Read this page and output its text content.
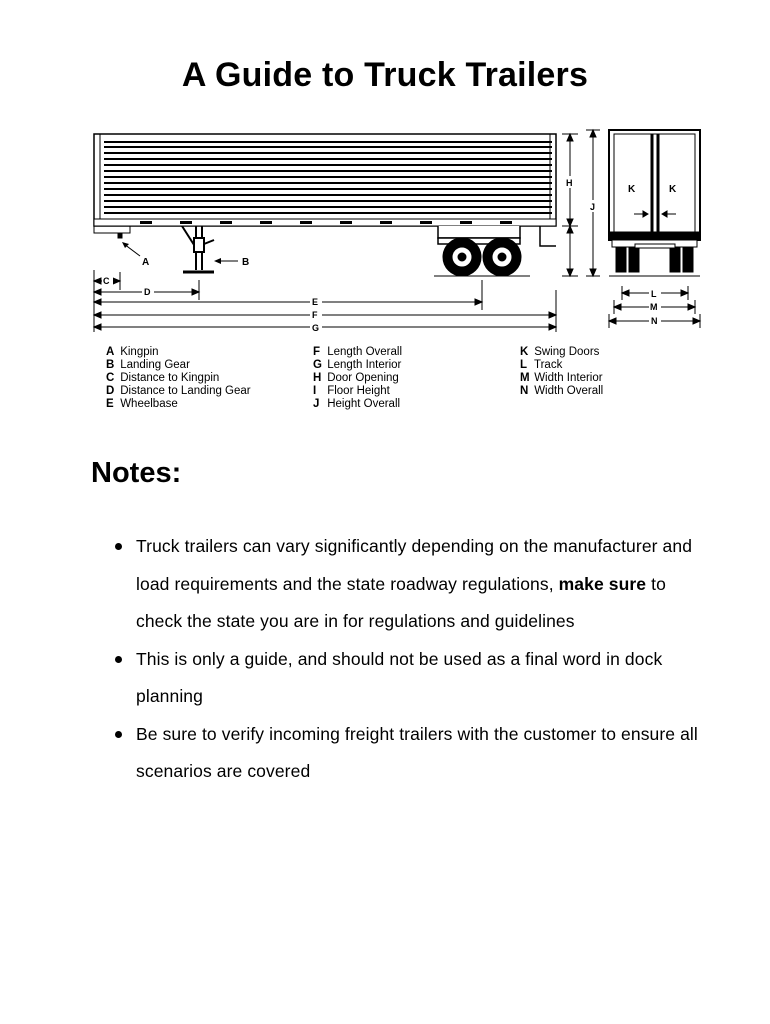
A Guide to Truck Trailers
A	B
H
J
K	K
L
M
N
C
D
E
F
G
A Kingpin
B Landing Gear
C Distance to Kingpin
D Distance to Landing Gear
E Wheelbase
F Length Overall
G Length Interior
H Door Opening
I Floor Height
J Height Overall
K Swing Doors
L Track
M Width Interior
N Width Overall
Notes:
Truck trailers can vary significantly depending on the manufacturer and load requirements and the state roadway regulations, make sure to check the state you are in for regulations and guidelines
This is only a guide, and should not be used as a final word in dock planning
Be sure to verify incoming freight trailers with the customer to ensure all scenarios are covered
